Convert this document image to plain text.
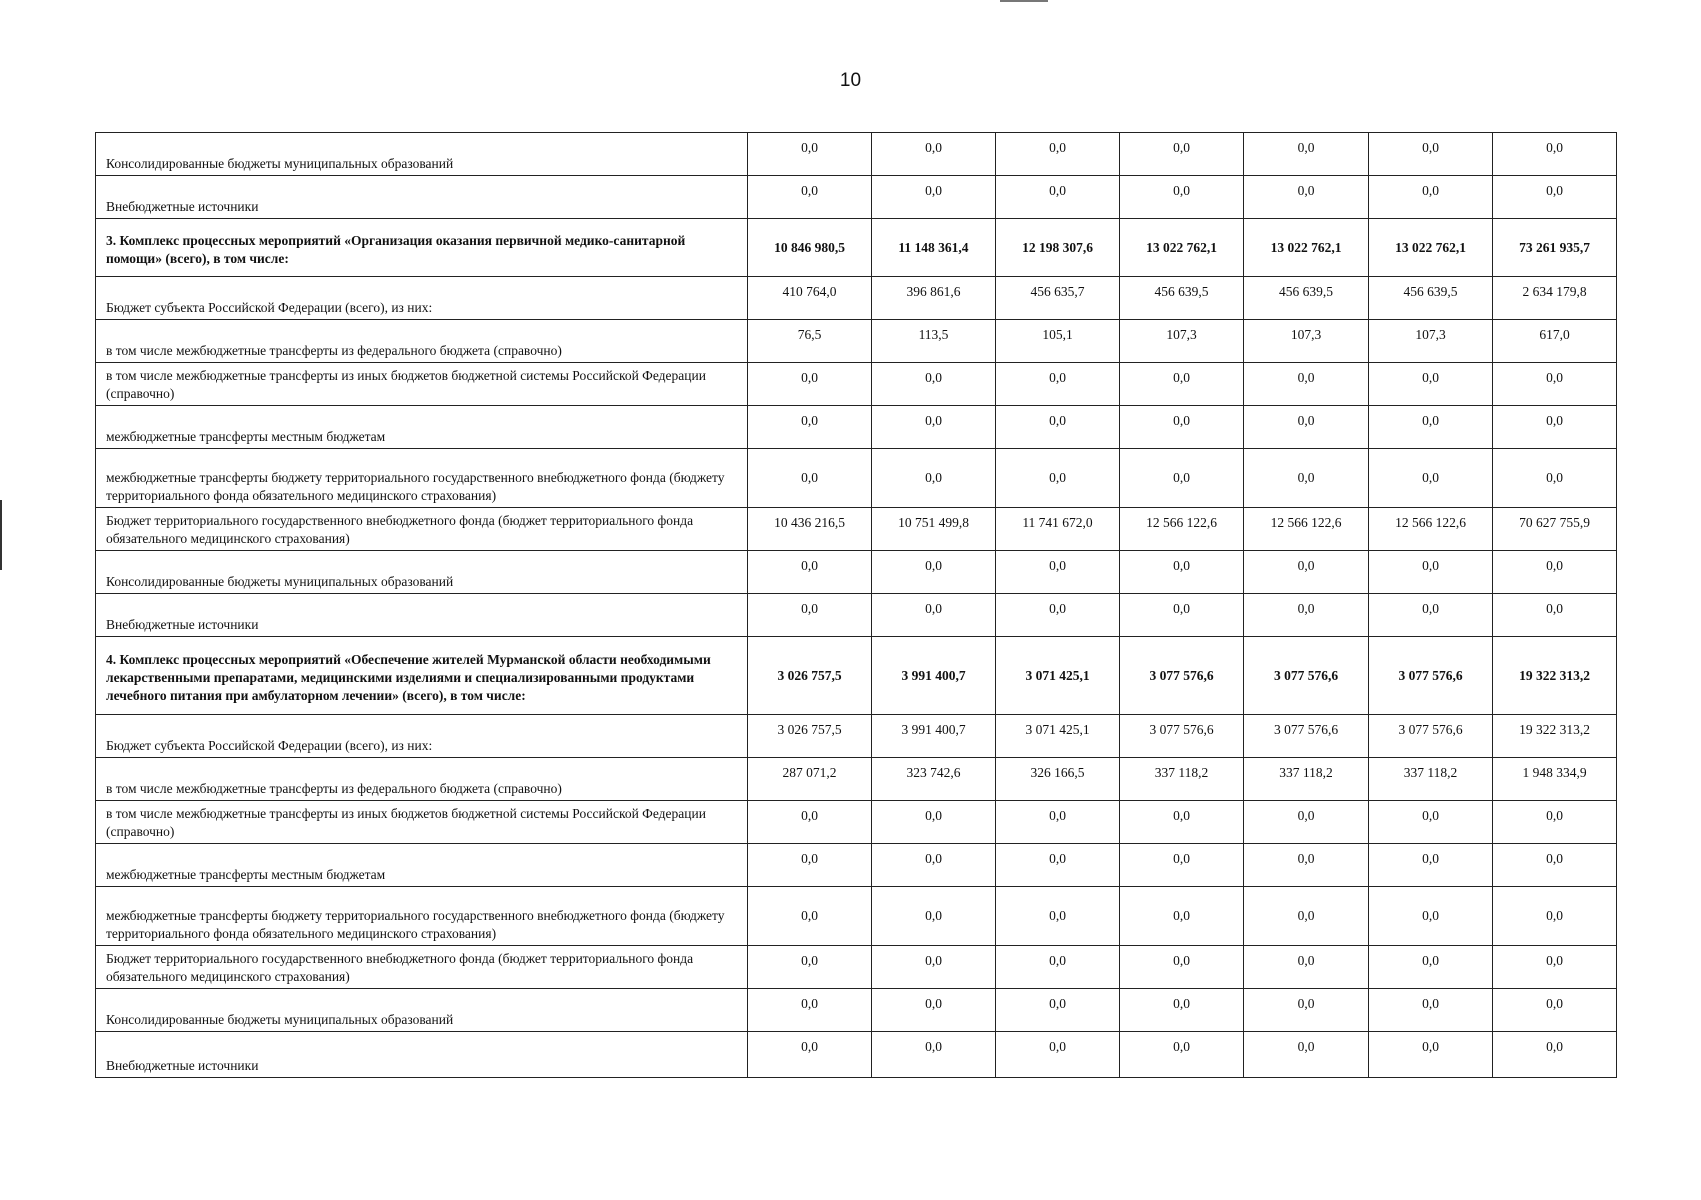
10
Консолидированные бюджеты муниципальных образований	0,0	0,0	0,0	0,0	0,0	0,0	0,0
Внебюджетные источники	0,0	0,0	0,0	0,0	0,0	0,0	0,0
3. Комплекс процессных мероприятий «Организация оказания первичной медико-санитарной помощи» (всего), в том числе:	10 846 980,5	11 148 361,4	12 198 307,6	13 022 762,1	13 022 762,1	13 022 762,1	73 261 935,7
Бюджет субъекта Российской Федерации (всего), из них:	410 764,0	396 861,6	456 635,7	456 639,5	456 639,5	456 639,5	2 634 179,8
в том числе межбюджетные трансферты из федерального бюджета (справочно)	76,5	113,5	105,1	107,3	107,3	107,3	617,0
в том числе межбюджетные трансферты из иных бюджетов бюджетной системы Российской Федерации (справочно)	0,0	0,0	0,0	0,0	0,0	0,0	0,0
межбюджетные трансферты местным бюджетам	0,0	0,0	0,0	0,0	0,0	0,0	0,0
межбюджетные трансферты бюджету территориального государственного внебюджетного фонда (бюджету территориального фонда обязательного медицинского страхования)	0,0	0,0	0,0	0,0	0,0	0,0	0,0
Бюджет территориального государственного внебюджетного фонда (бюджет территориального фонда обязательного медицинского страхования)	10 436 216,5	10 751 499,8	11 741 672,0	12 566 122,6	12 566 122,6	12 566 122,6	70 627 755,9
Консолидированные бюджеты муниципальных образований	0,0	0,0	0,0	0,0	0,0	0,0	0,0
Внебюджетные источники	0,0	0,0	0,0	0,0	0,0	0,0	0,0
4. Комплекс процессных мероприятий «Обеспечение жителей Мурманской области необходимыми лекарственными препаратами, медицинскими изделиями и специализированными продуктами лечебного питания при амбулаторном лечении» (всего), в том числе:	3 026 757,5	3 991 400,7	3 071 425,1	3 077 576,6	3 077 576,6	3 077 576,6	19 322 313,2
Бюджет субъекта Российской Федерации (всего), из них:	3 026 757,5	3 991 400,7	3 071 425,1	3 077 576,6	3 077 576,6	3 077 576,6	19 322 313,2
в том числе межбюджетные трансферты из федерального бюджета (справочно)	287 071,2	323 742,6	326 166,5	337 118,2	337 118,2	337 118,2	1 948 334,9
в том числе межбюджетные трансферты из иных бюджетов бюджетной системы Российской Федерации (справочно)	0,0	0,0	0,0	0,0	0,0	0,0	0,0
межбюджетные трансферты местным бюджетам	0,0	0,0	0,0	0,0	0,0	0,0	0,0
межбюджетные трансферты бюджету территориального государственного внебюджетного фонда (бюджету территориального фонда обязательного медицинского страхования)	0,0	0,0	0,0	0,0	0,0	0,0	0,0
Бюджет территориального государственного внебюджетного фонда (бюджет территориального фонда обязательного медицинского страхования)	0,0	0,0	0,0	0,0	0,0	0,0	0,0
Консолидированные бюджеты муниципальных образований	0,0	0,0	0,0	0,0	0,0	0,0	0,0
Внебюджетные источники	0,0	0,0	0,0	0,0	0,0	0,0	0,0
